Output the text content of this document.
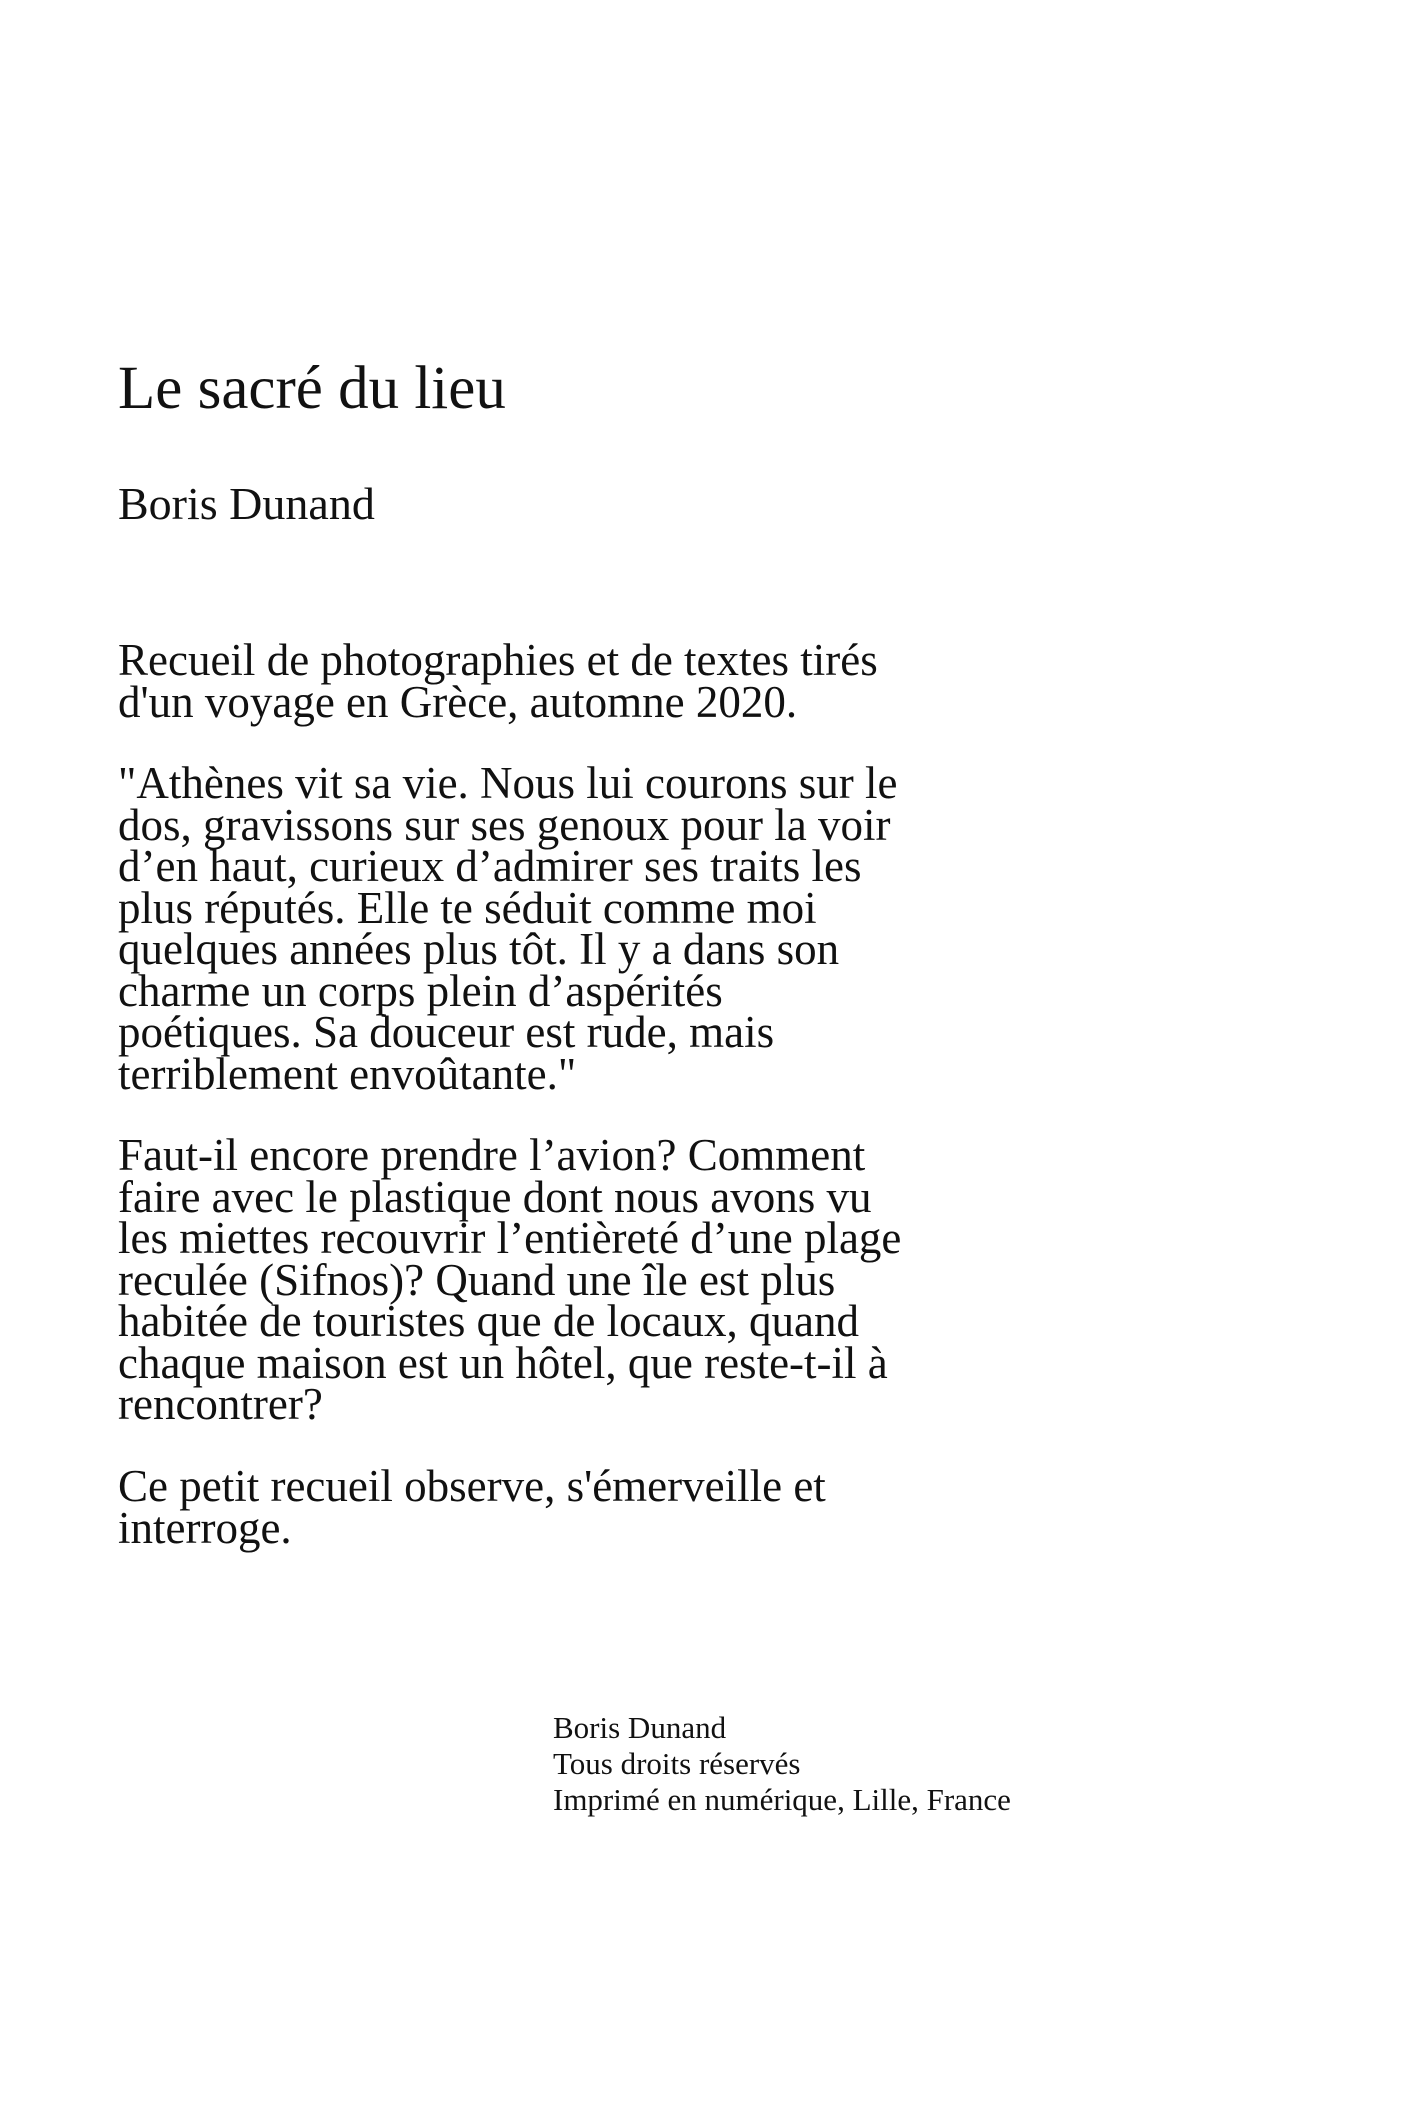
Le sacré du lieu
Boris Dunand

Recueil de photographies et de textes tirés
d'un voyage en Grèce, automne 2020.

"Athènes vit sa vie. Nous lui courons sur le
dos, gravissons sur ses genoux pour la voir
d’en haut, curieux d’admirer ses traits les
plus réputés. Elle te séduit comme moi
quelques années plus tôt. Il y a dans son
charme un corps plein d’aspérités
poétiques. Sa douceur est rude, mais
terriblement envoûtante."

Faut-il encore prendre l’avion? Comment
faire avec le plastique dont nous avons vu
les miettes recouvrir l’entièreté d’une plage
reculée (Sifnos)? Quand une île est plus
habitée de touristes que de locaux, quand
chaque maison est un hôtel, que reste-t-il à
rencontrer?

Ce petit recueil observe, s'émerveille et
interroge.

Boris Dunand
Tous droits réservés
Imprimé en numérique, Lille, France
